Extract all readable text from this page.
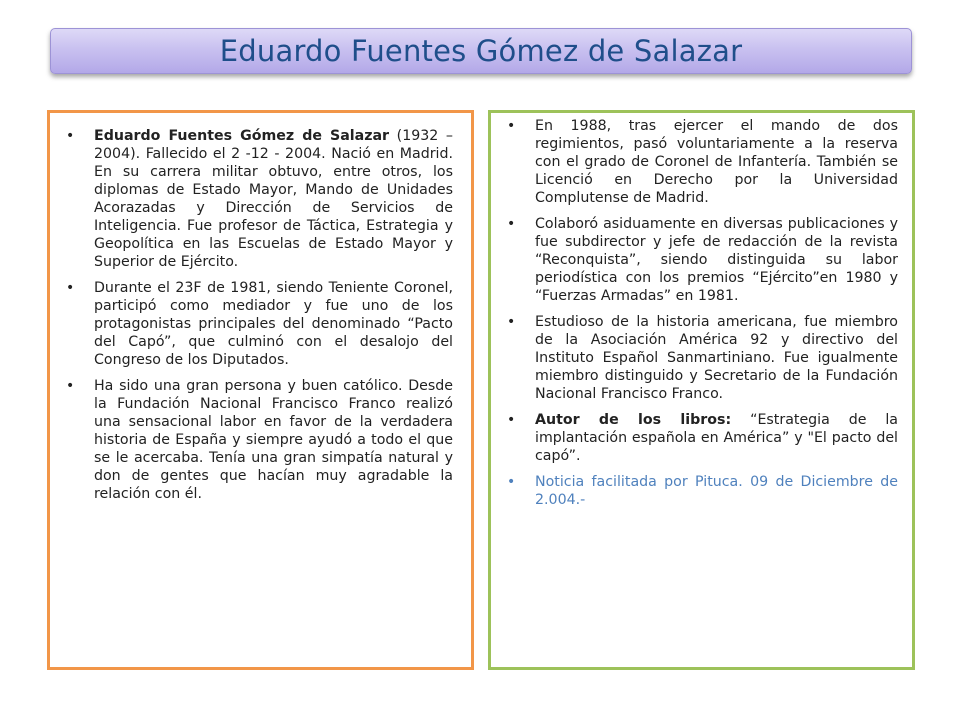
Eduardo Fuentes Gómez de Salazar
• Eduardo Fuentes Gómez de Salazar (1932 – 2004). Fallecido el 2 -12 - 2004. Nació en Madrid. En su carrera militar obtuvo, entre otros, los diplomas de Estado Mayor, Mando de Unidades Acorazadas y Dirección de Servicios de Inteligencia. Fue profesor de Táctica, Estrategia y Geopolítica en las Escuelas de Estado Mayor y Superior de Ejército.
• Durante el 23F de 1981, siendo Teniente Coronel, participó como mediador y fue uno de los protagonistas principales del denominado “Pacto del Capó”, que culminó con el desalojo del Congreso de los Diputados.
• Ha sido una gran persona y buen católico. Desde la Fundación Nacional Francisco Franco realizó una sensacional labor en favor de la verdadera historia de España y siempre ayudó a todo el que se le acercaba. Tenía una gran simpatía natural y don de gentes que hacían muy agradable la relación con él.
• En 1988, tras ejercer el mando de dos regimientos, pasó voluntariamente a la reserva con el grado de Coronel de Infantería. También se Licenció en Derecho por la Universidad Complutense de Madrid.
• Colaboró asiduamente en diversas publicaciones y fue subdirector y jefe de redacción de la revista “Reconquista”, siendo distinguida su labor periodística con los premios “Ejército”en 1980 y “Fuerzas Armadas” en 1981.
• Estudioso de la historia americana, fue miembro de la Asociación América 92 y directivo del Instituto Español Sanmartiniano. Fue igualmente miembro distinguido y Secretario de la Fundación Nacional Francisco Franco.
• Autor de los libros: “Estrategia de la implantación española en América” y "El pacto del capó”.
• Noticia facilitada por Pituca. 09 de Diciembre de 2.004.-
